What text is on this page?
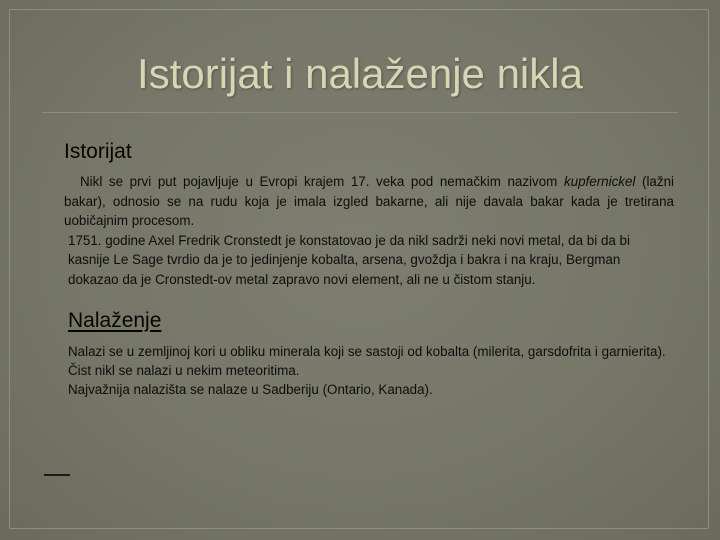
Istorijat i nalaženje nikla
Istorijat

Nikl se prvi put pojavljuje u Evropi krajem 17. veka pod nemačkim nazivom kupfernickel (lažni bakar), odnosio se na rudu koja je imala izgled bakarne, ali nije davala bakar kada je tretirana uobičajnim procesom.

1751. godine Axel Fredrik Cronstedt je konstatovao je da nikl sadrži neki novi metal, da bi da bi kasnije Le Sage tvrdio da je to jedinjenje kobalta, arsena, gvoždja i bakra i na kraju, Bergman dokazao da je Cronstedt-ov metal zapravo novi element, ali ne u čistom stanju.

Nalaženje

Nalazi se u zemljinoj kori u obliku minerala koji se sastoji od kobalta (milerita, garsdofrita i garnierita).

Čist nikl se nalazi u nekim meteoritima.

Najvažnija nalazišta se nalaze u Sadberiju (Ontario, Kanada).
